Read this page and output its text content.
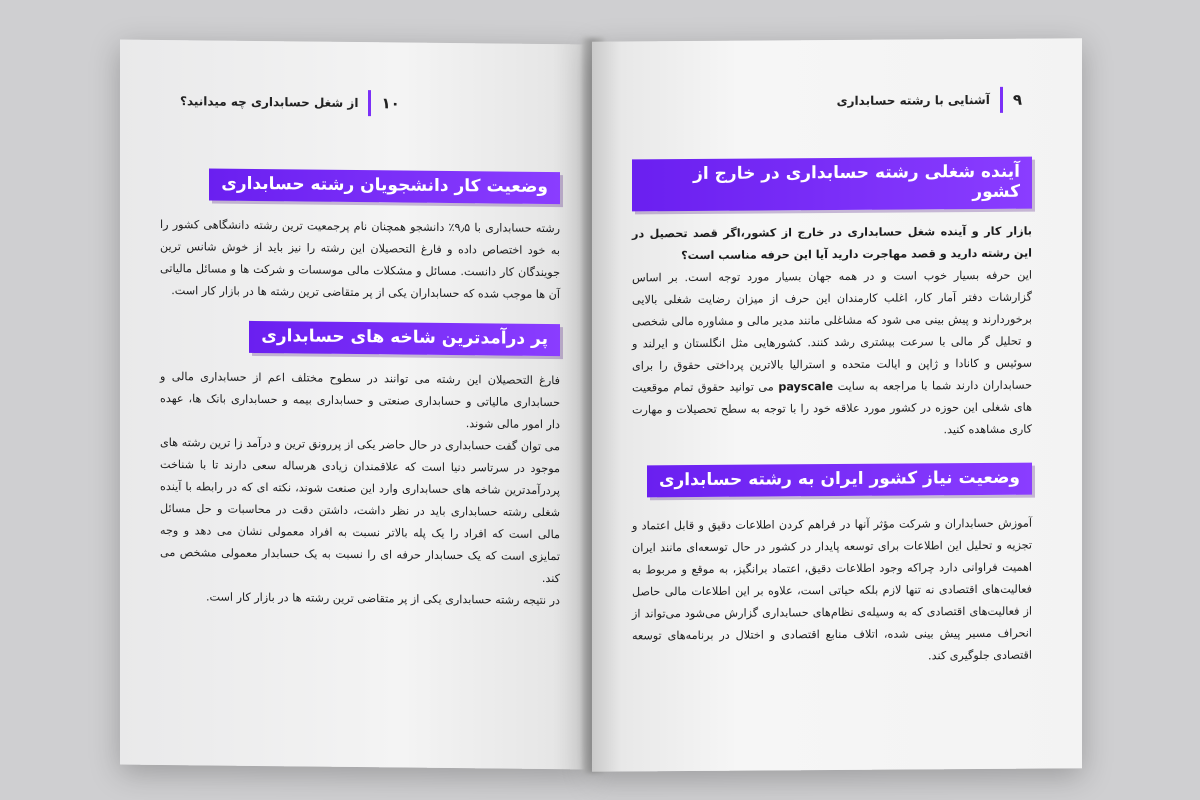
۱۰
از شغل حسابداری چه میدانید؟
وضعیت کار دانشجویان رشته حسابداری

رشته حسابداری با ۹٫۵٪ دانشجو همچنان نام پرجمعیت ترین رشته دانشگاهی کشور را به خود اختصاص داده و فارغ التحصیلان این رشته را نیز باید از خوش شانس ترین جویندگان کار دانست. مسائل و مشکلات مالی موسسات و شرکت ها و مسائل مالیاتی آن ها موجب شده که حسابداران یکی از پر متقاضی ترین رشته ها در بازار کار است.

پر درآمدترین شاخه های حسابداری

فارغ التحصیلان این رشته می توانند در سطوح مختلف اعم از حسابداری مالی و حسابداری مالیاتی و حسابداری صنعتی و حسابداری بیمه و حسابداری بانک ها، عهده دار امور مالی شوند.

می توان گفت حسابداری در حال حاضر یکی از پررونق ترین و درآمد زا ترین رشته های موجود در سرتاسر دنیا است که علاقمندان زیادی هرساله سعی دارند تا با شناخت پردرآمدترین شاخه های حسابداری وارد این صنعت شوند، نکته ای که در رابطه با آینده شغلی رشته حسابداری باید در نظر داشت، داشتن دقت در محاسبات و حل مسائل مالی است که افراد را یک پله بالاتر نسبت به افراد معمولی نشان می دهد و وجه تمایزی است که یک حسابدار حرفه ای را نسبت به یک حسابدار معمولی مشخص می کند.

در نتیجه رشته حسابداری یکی از پر متقاضی ترین رشته ها در بازار کار است.

۹
آشنایی با رشته حسابداری
آینده شغلی رشته حسابداری در خارج از کشور

بازار کار و آینده شغل حسابداری در خارج از کشور،اگر قصد تحصیل در این رشته دارید و قصد مهاجرت دارید آیا این حرفه مناسب است؟

این حرفه بسیار خوب است و در همه جهان بسیار مورد توجه است. بر اساس گزارشات دفتر آمار کار، اغلب کارمندان این حرف از میزان رضایت شغلی بالایی برخوردارند و پیش بینی می شود که مشاغلی مانند مدیر مالی و مشاوره مالی شخصی و تحلیل گر مالی با سرعت بیشتری رشد کنند. کشورهایی مثل انگلستان و ایرلند و سوئیس و کانادا و ژاپن و ایالت متحده و استرالیا بالاترین پرداختی حقوق را برای حسابداران دارند شما با مراجعه به سایت payscale می توانید حقوق تمام موقعیت های شغلی این حوزه در کشور مورد علاقه خود را با توجه به سطح تحصیلات و مهارت کاری مشاهده کنید.

وضعیت نیاز کشور ایران به رشته حسابداری

آموزش حسابداران و شرکت مؤثر آنها در فراهم کردن اطلاعات دقیق و قابل اعتماد و تجزیه و تحلیل این اطلاعات برای توسعه پایدار در کشور در حال توسعه‌ای مانند ایران اهمیت فراوانی دارد چراکه وجود اطلاعات دقیق، اعتماد برانگیز، به موقع و مربوط به فعالیت‌های اقتصادی نه تنها لازم بلکه حیاتی است، علاوه بر این اطلاعات مالی حاصل از فعالیت‌های اقتصادی که به وسیله‌ی نظام‌های حسابداری گزارش می‌شود می‌تواند از انحراف مسیر پیش بینی شده، اتلاف منابع اقتصادی و اختلال در برنامه‌های توسعه اقتصادی جلوگیری کند.
